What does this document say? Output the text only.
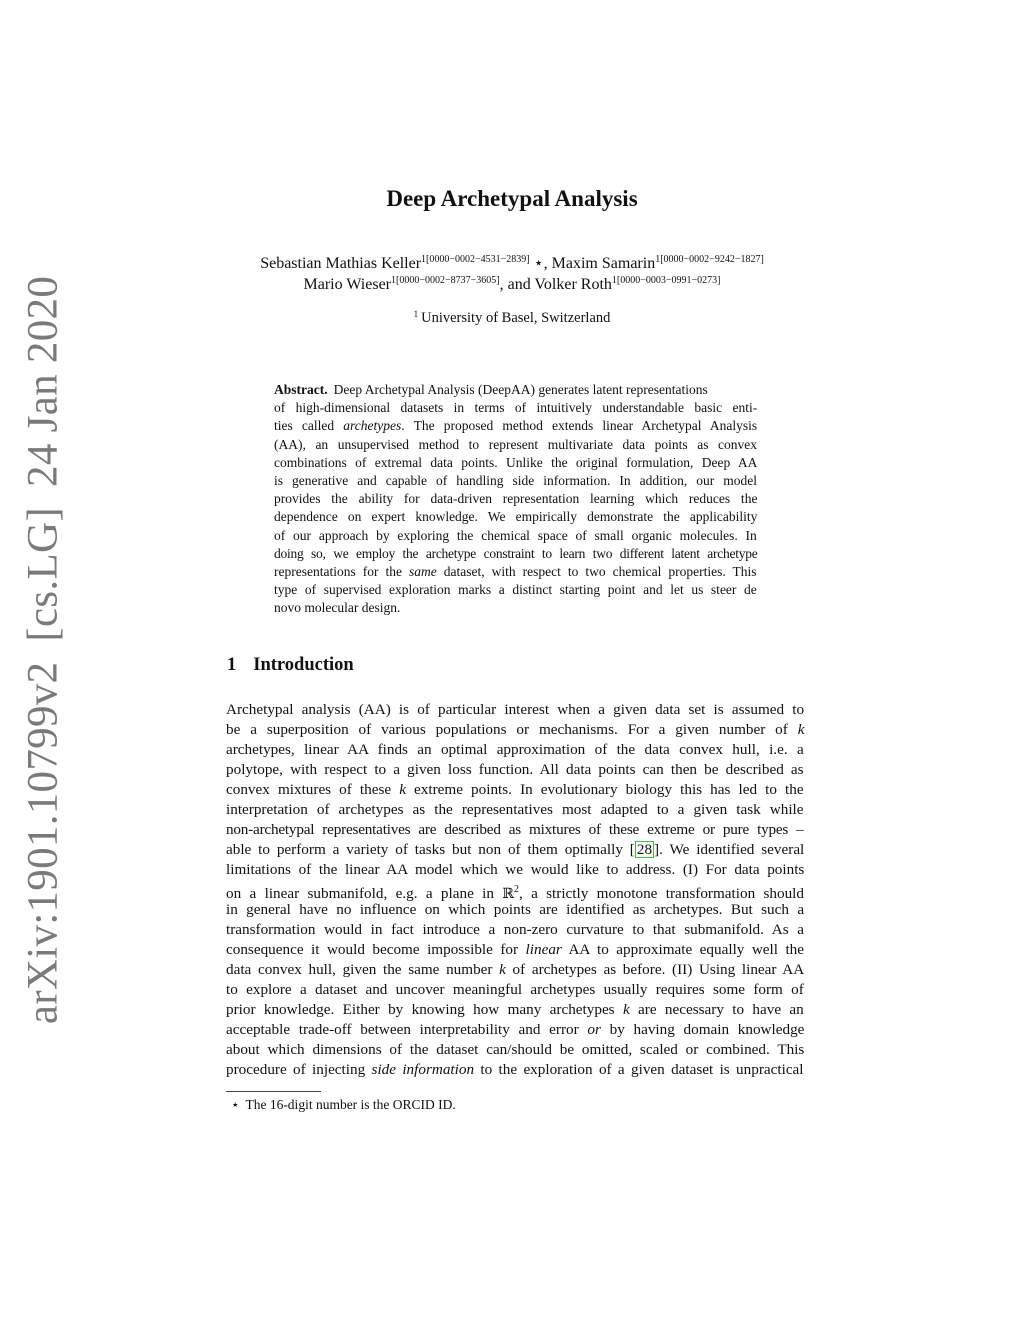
arXiv:1901.10799v2[cs.LG]24 Jan 2020
Deep Archetypal Analysis
Sebastian Mathias Keller$^{1[0000-0002-4531-2839]}$ ⋆, Maxim Samarin$^{1[0000-0002-9242-1827]}$
Mario Wieser$^{1[0000-0002-8737-3605]}$, and Volker Roth$^{1[0000-0003-0991-0273]}$
$^1$ University of Basel, Switzerland
Abstract. Deep Archetypal Analysis (DeepAA) generates latent representations
of high-dimensional datasets in terms of intuitively understandable basic enti-
ties called archetypes. The proposed method extends linear Archetypal Analysis
(AA), an unsupervised method to represent multivariate data points as convex
combinations of extremal data points. Unlike the original formulation, Deep AA
is generative and capable of handling side information. In addition, our model
provides the ability for data-driven representation learning which reduces the
dependence on expert knowledge. We empirically demonstrate the applicability
of our approach by exploring the chemical space of small organic molecules. In
doing so, we employ the archetype constraint to learn two different latent archetype
representations for the same dataset, with respect to two chemical properties. This
type of supervised exploration marks a distinct starting point and let us steer de
novo molecular design.
1 Introduction
Archetypal analysis (AA) is of particular interest when a given data set is assumed to
be a superposition of various populations or mechanisms. For a given number of k
archetypes, linear AA finds an optimal approximation of the data convex hull, i.e. a
polytope, with respect to a given loss function. All data points can then be described as
convex mixtures of these k extreme points. In evolutionary biology this has led to the
interpretation of archetypes as the representatives most adapted to a given task while
non-archetypal representatives are described as mixtures of these extreme or pure types –
able to perform a variety of tasks but non of them optimally [ 28 ]. We identified several
limitations of the linear AA model which we would like to address. (I) For data points
on a linear submanifold, e.g. a plane in ℝ$^2$, a strictly monotone transformation should
in general have no influence on which points are identified as archetypes. But such a
transformation would in fact introduce a non-zero curvature to that submanifold. As a
consequence it would become impossible for linear AA to approximate equally well the
data convex hull, given the same number k of archetypes as before. (II) Using linear AA
to explore a dataset and uncover meaningful archetypes usually requires some form of
prior knowledge. Either by knowing how many archetypes k are necessary to have an
acceptable trade-off between interpretability and error or by having domain knowledge
about which dimensions of the dataset can/should be omitted, scaled or combined. This
procedure of injecting side information to the exploration of a given dataset is unpractical
⋆ The 16-digit number is the ORCID ID.
